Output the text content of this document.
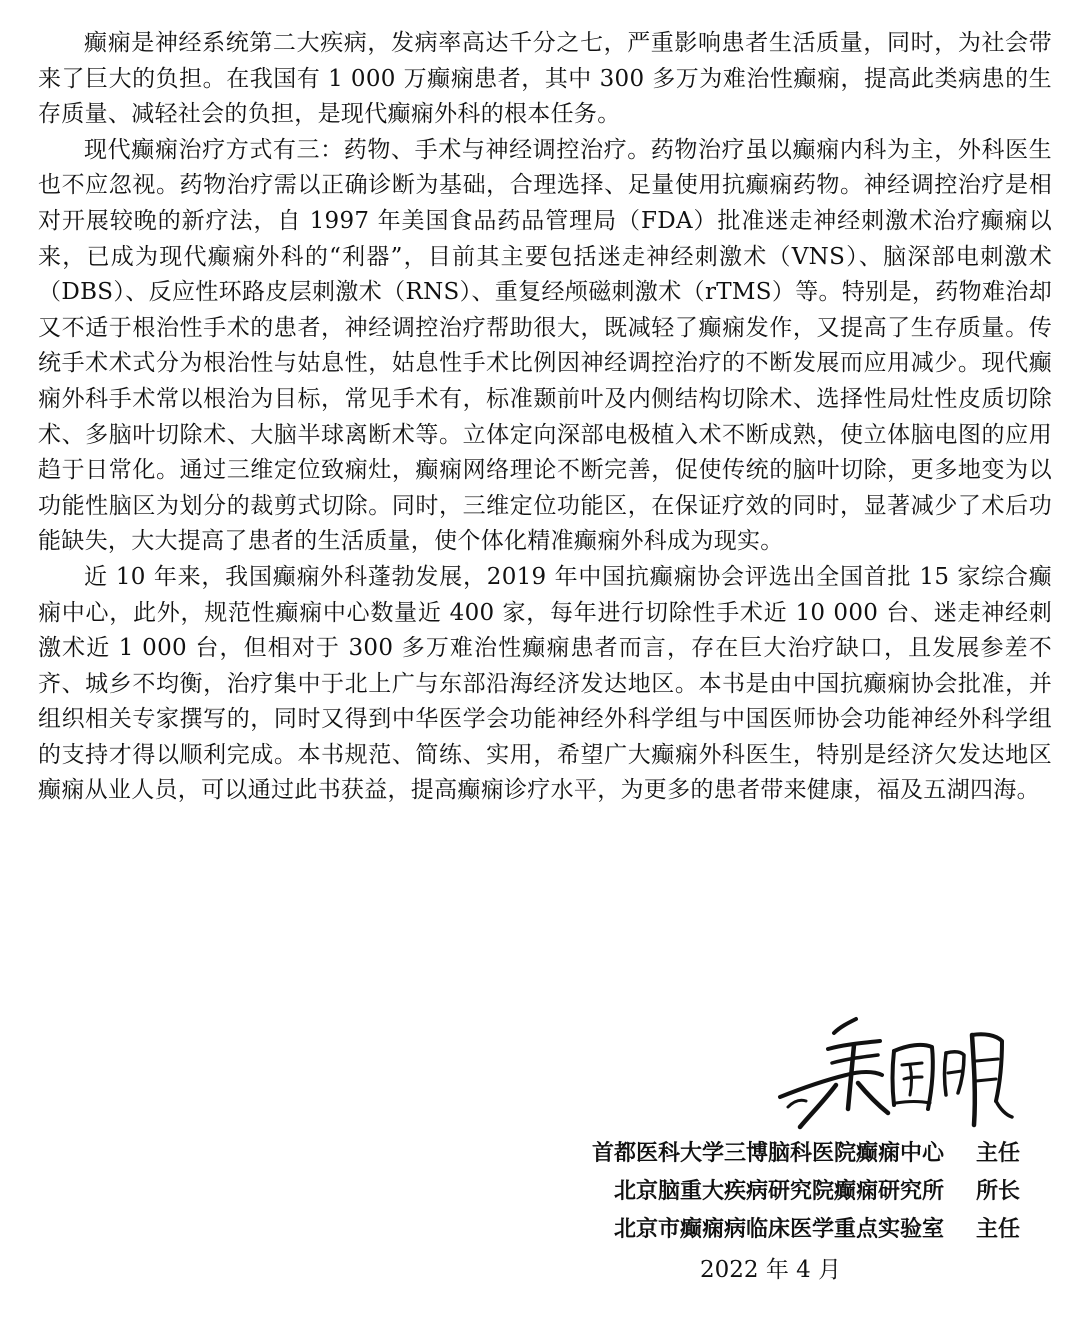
癫痫是神经系统第二大疾病，发病率高达千分之七，严重影响患者生活质量，同时，为社会带来了巨大的负担。在我国有 1 000 万癫痫患者，其中 300 多万为难治性癫痫，提高此类病患的生存质量、减轻社会的负担，是现代癫痫外科的根本任务。

现代癫痫治疗方式有三：药物、手术与神经调控治疗。药物治疗虽以癫痫内科为主，外科医生也不应忽视。药物治疗需以正确诊断为基础，合理选择、足量使用抗癫痫药物。神经调控治疗是相对开展较晚的新疗法，自 1997 年美国食品药品管理局（FDA）批准迷走神经刺激术治疗癫痫以来，已成为现代癫痫外科的“利器”，目前其主要包括迷走神经刺激术（VNS）、脑深部电刺激术（DBS）、反应性环路皮层刺激术（RNS）、重复经颅磁刺激术（rTMS）等。特别是，药物难治却又不适于根治性手术的患者，神经调控治疗帮助很大，既减轻了癫痫发作，又提高了生存质量。传统手术术式分为根治性与姑息性，姑息性手术比例因神经调控治疗的不断发展而应用减少。现代癫痫外科手术常以根治为目标，常见手术有，标准颞前叶及内侧结构切除术、选择性局灶性皮质切除术、多脑叶切除术、大脑半球离断术等。立体定向深部电极植入术不断成熟，使立体脑电图的应用趋于日常化。通过三维定位致痫灶，癫痫网络理论不断完善，促使传统的脑叶切除，更多地变为以功能性脑区为划分的裁剪式切除。同时，三维定位功能区，在保证疗效的同时，显著减少了术后功能缺失，大大提高了患者的生活质量，使个体化精准癫痫外科成为现实。

近 10 年来，我国癫痫外科蓬勃发展，2019 年中国抗癫痫协会评选出全国首批 15 家综合癫痫中心，此外，规范性癫痫中心数量近 400 家，每年进行切除性手术近 10 000 台、迷走神经刺激术近 1 000 台，但相对于 300 多万难治性癫痫患者而言，存在巨大治疗缺口，且发展参差不齐、城乡不均衡，治疗集中于北上广与东部沿海经济发达地区。本书是由中国抗癫痫协会批准，并组织相关专家撰写的，同时又得到中华医学会功能神经外科学组与中国医师协会功能神经外科学组的支持才得以顺利完成。本书规范、简练、实用，希望广大癫痫外科医生，特别是经济欠发达地区癫痫从业人员，可以通过此书获益，提高癫痫诊疗水平，为更多的患者带来健康，福及五湖四海。

首都医科大学三博脑科医院癫痫中心	主任
北京脑重大疾病研究院癫痫研究所	所长
北京市癫痫病临床医学重点实验室	主任
2022 年 4 月
